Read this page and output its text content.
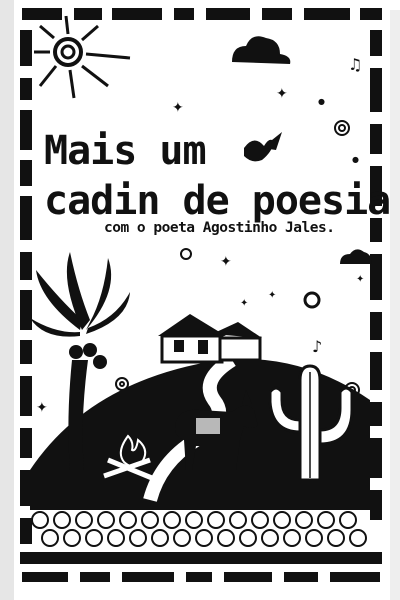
♫
♪
✦
✦	●
●
✦
✦
✦
✦
✦
Mais um
cadin de poesia

com o poeta Agostinho Jales.
